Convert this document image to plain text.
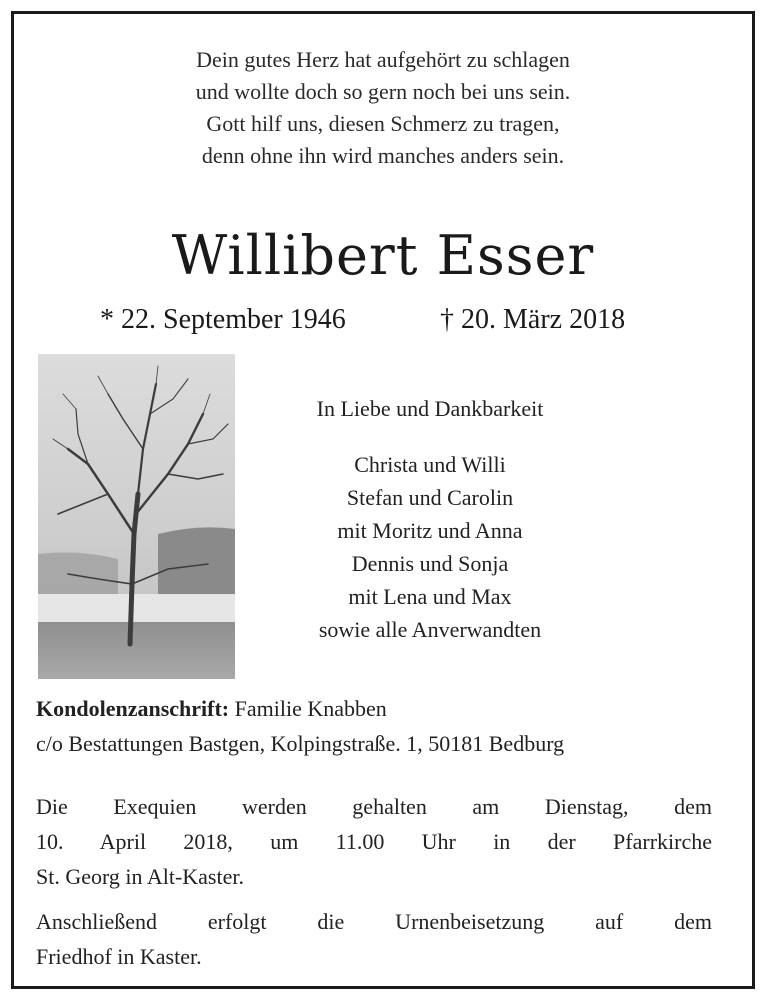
Dein gutes Herz hat aufgehört zu schlagen
und wollte doch so gern noch bei uns sein.
Gott hilf uns, diesen Schmerz zu tragen,
denn ohne ihn wird manches anders sein.
Willibert Esser
* 22. September 1946	† 20. März 2018
In Liebe und Dankbarkeit
Christa und Willi
Stefan und Carolin
mit Moritz und Anna
Dennis und Sonja
mit Lena und Max
sowie alle Anverwandten
Kondolenzanschrift: Familie Knabben
c/o Bestattungen Bastgen, Kolpingstraße. 1, 50181 Bedburg
Die Exequien werden gehalten am Dienstag, dem
10. April 2018, um 11.00 Uhr in der Pfarrkirche
St. Georg in Alt-Kaster.
Anschließend erfolgt die Urnenbeisetzung auf dem
Friedhof in Kaster.
